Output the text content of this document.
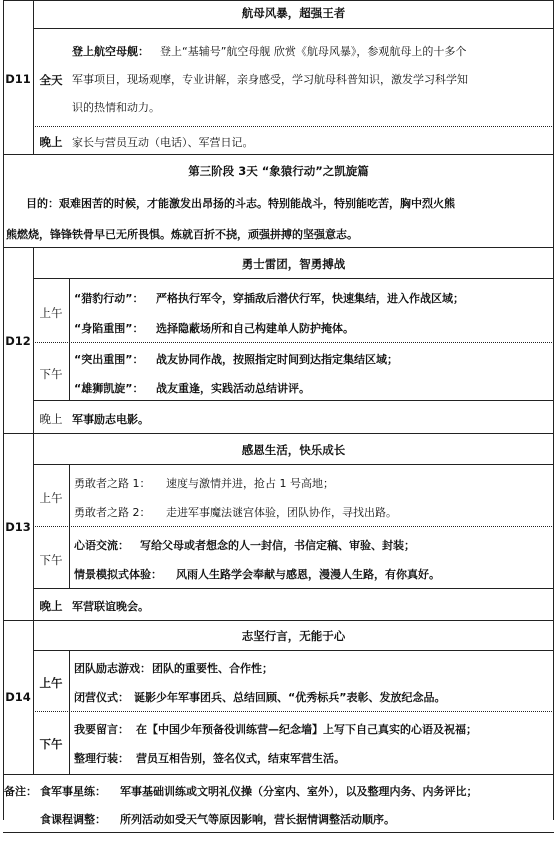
航母风暴，超强王者
D11 全天
登上航空母舰： 登上“基辅号”航空母舰 欣赏《航母风暴》，参观航母上的十多个
军事项目，现场观摩，专业讲解，亲身感受，学习航母科普知识，激发学习科学知
识的热情和动力。
晚上 家长与营员互动（电话）、军营日记。
第三阶段 3天 “象猿行动”之凯旋篇
目的：艰难困苦的时候，才能激发出昂扬的斗志。特别能战斗，特别能吃苦，胸中烈火熊
熊燃烧，锋锋铁骨早已无所畏惧。炼就百折不挠，顽强拼搏的坚强意志。
勇士雷团，智勇搏战
D12
上午
“猎豹行动”： 严格执行军令，穿插敌后潜伏行军，快速集结，进入作战区域；
“身陷重围”： 选择隐蔽场所和自己构建单人防护掩体。
下午
“突出重围”： 战友协同作战，按照指定时间到达指定集结区域；
“雄狮凯旋”： 战友重逢，实践活动总结讲评。
晚上 军事励志电影。
感恩生活，快乐成长
D13
上午
勇敢者之路 1： 速度与激情并进，抢占 1 号高地；
勇敢者之路 2： 走进军事魔法谜宫体验，团队协作，寻找出路。
下午
心语交流： 写给父母或者想念的人一封信，书信定稿、审验、封装；
情景模拟式体验： 风雨人生路学会奉献与感恩，漫漫人生路，有你真好。
晚上 军营联谊晚会。
志坚行言，无能于心
D14
上午
团队励志游戏： 团队的重要性、合作性；
闭营仪式： 诞影少年军事团兵、总结回顾、“优秀标兵”表彰、发放纪念品。
下午
我要留言： 在【中国少年预备役训练营—纪念墙】上写下自己真实的心语及祝福；
整理行装： 营员互相告别，签名仪式，结束军营生活。
备注： 食军事星练： 军事基础训练或文明礼仪操（分室内、室外），以及整理内务、内务评比；
食课程调整： 所列活动如受天气等原因影响，营长据情调整活动顺序。
